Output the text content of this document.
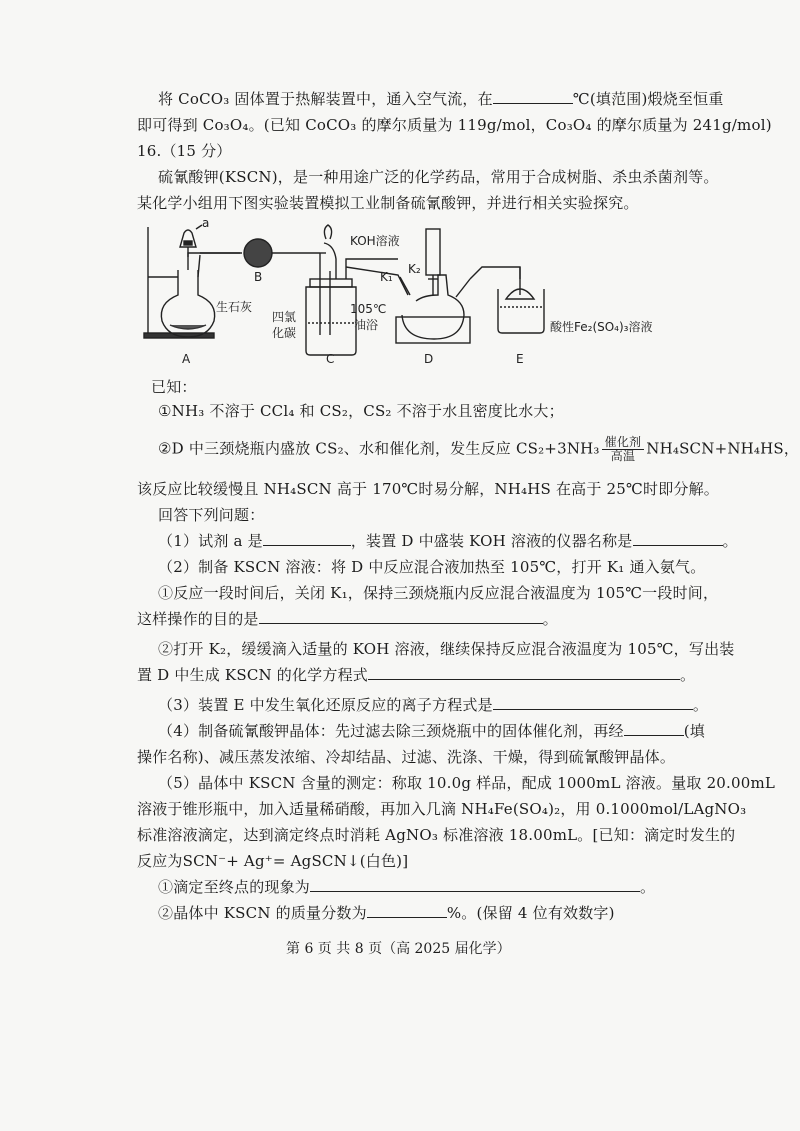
将 CoCO₃ 固体置于热解装置中，通入空气流，在	℃(填范围)煅烧至恒重
即可得到 Co₃O₄。(已知 CoCO₃ 的摩尔质量为 119g/mol，Co₃O₄ 的摩尔质量为 241g/mol)
16.（15 分）
硫氰酸钾(KSCN)，是一种用途广泛的化学药品，常用于合成树脂、杀虫杀菌剂等。
某化学小组用下图实验装置模拟工业制备硫氰酸钾，并进行相关实验探究。
a
B
生石灰
A
四氯
化碳
C
KOH溶液
K₁
K₂
105℃
油浴
D
酸性Fe₂(SO₄)₃溶液
E
已知：
①NH₃ 不溶于 CCl₄ 和 CS₂，CS₂ 不溶于水且密度比水大；
②D 中三颈烧瓶内盛放 CS₂、水和催化剂，发生反应 $CS_2+3NH_3 \frac{\text{催化剂}}{\text{高温}} NH_4SCN+NH_4HS$，
该反应比较缓慢且 NH₄SCN 高于 170℃时易分解，NH₄HS 在高于 25℃时即分解。
回答下列问题：
（1）试剂 a 是	，装置 D 中盛装 KOH 溶液的仪器名称是	。
（2）制备 KSCN 溶液：将 D 中反应混合液加热至 105℃，打开 K₁ 通入氨气。
①反应一段时间后，关闭 K₁，保持三颈烧瓶内反应混合液温度为 105℃一段时间，
这样操作的目的是	。
②打开 K₂，缓缓滴入适量的 KOH 溶液，继续保持反应混合液温度为 105℃，写出装
置 D 中生成 KSCN 的化学方程式	。
（3）装置 E 中发生氧化还原反应的离子方程式是	。
（4）制备硫氰酸钾晶体：先过滤去除三颈烧瓶中的固体催化剂，再经	(填
操作名称)、减压蒸发浓缩、冷却结晶、过滤、洗涤、干燥，得到硫氰酸钾晶体。
（5）晶体中 KSCN 含量的测定：称取 10.0g 样品，配成 1000mL 溶液。量取 20.00mL
溶液于锥形瓶中，加入适量稀硝酸，再加入几滴 NH₄Fe(SO₄)₂，用 0.1000mol/LAgNO₃
标准溶液滴定，达到滴定终点时消耗 AgNO₃ 标准溶液 18.00mL。[已知：滴定时发生的
反应为SCN⁻+ Ag⁺= AgSCN↓(白色)]
①滴定至终点的现象为	。
②晶体中 KSCN 的质量分数为	%。(保留 4 位有效数字)
第 6 页 共 8 页（高 2025 届化学）
